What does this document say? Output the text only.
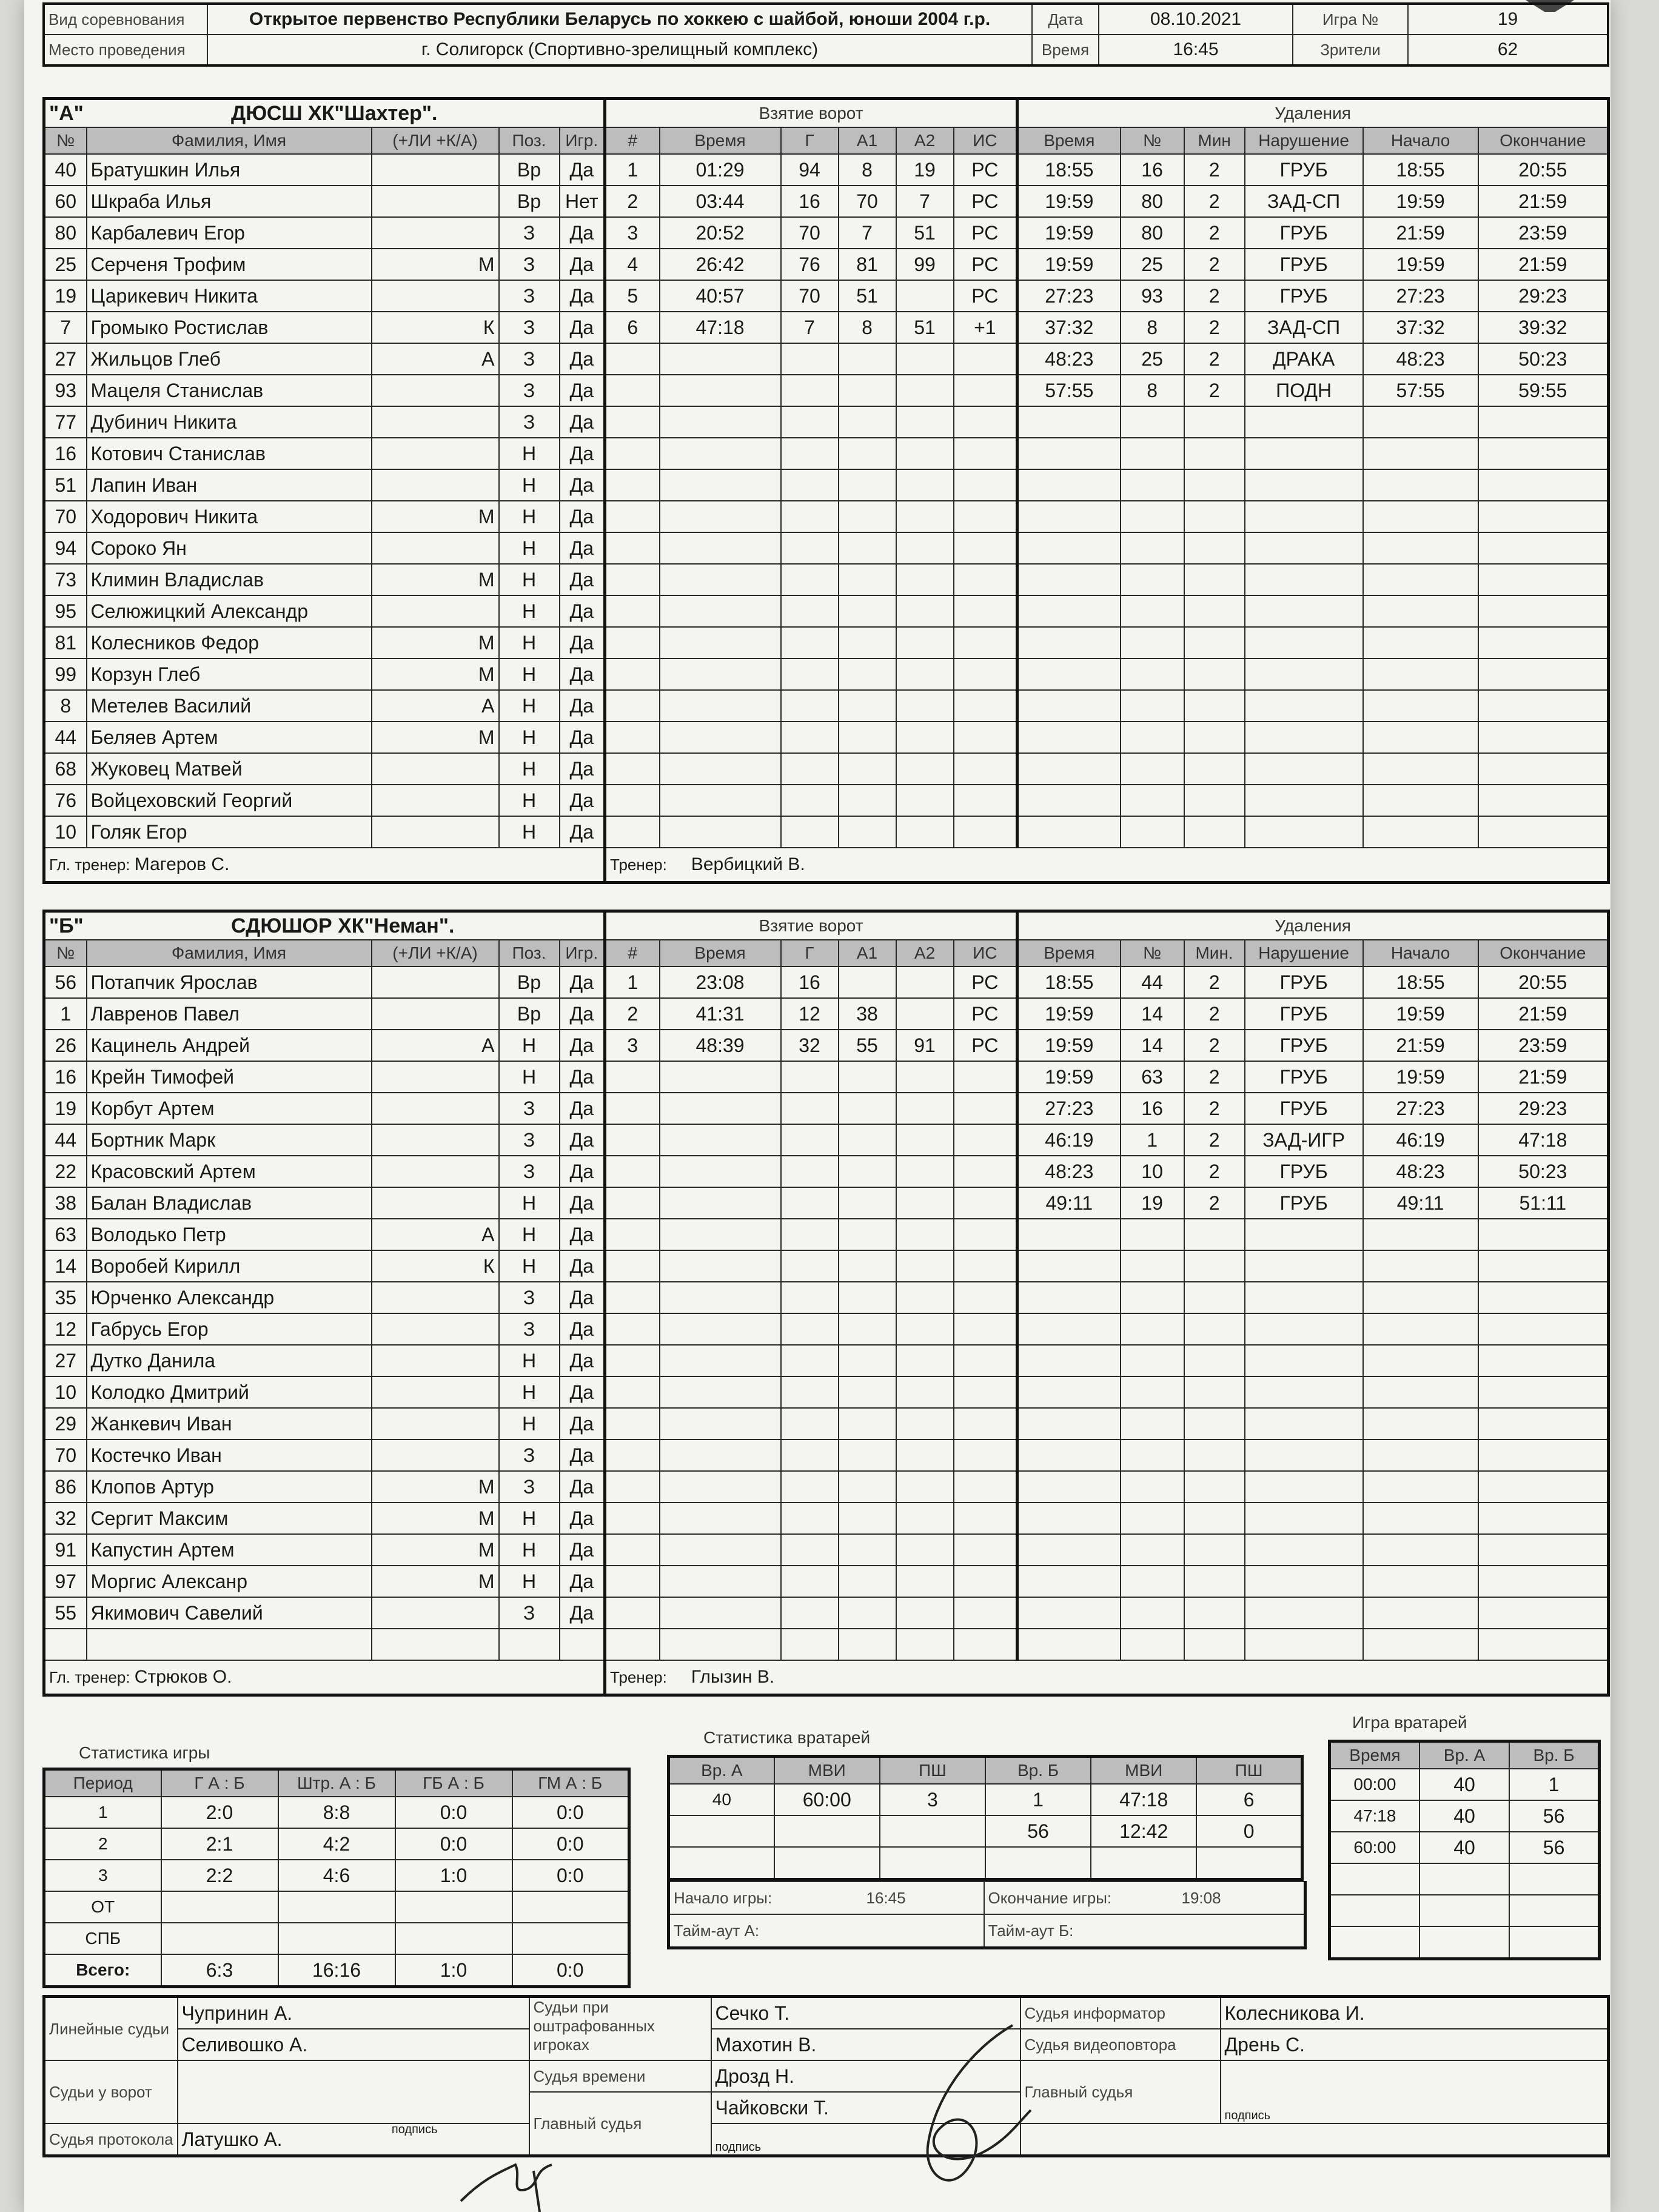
Вид соревнования	Открытое первенство Республики Беларусь по хоккею с шайбой, юноши 2004 г.р.	Дата	08.10.2021	Игра №	19
Место проведения	г. Солигорск (Спортивно-зрелищный комплекс)	Время	16:45	Зрители	62
"А" ДЮСШ ХК"Шахтер".					Взятие ворот						Удаления					
№	Фамилия, Имя	(+ЛИ +К/А)	Поз.	Игр.	#	Время	Г	А1	А2	ИС	Время	№	Мин	Нарушение	Начало	Окончание
40	Братушкин Илья		Вр	Да	1	01:29	94	8	19	РС	18:55	16	2	ГРУБ	18:55	20:55
60	Шкраба Илья		Вр	Нет	2	03:44	16	70	7	РС	19:59	80	2	ЗАД-СП	19:59	21:59
80	Карбалевич Егор		З	Да	3	20:52	70	7	51	РС	19:59	80	2	ГРУБ	21:59	23:59
25	Серченя Трофим	М	З	Да	4	26:42	76	81	99	РС	19:59	25	2	ГРУБ	19:59	21:59
19	Царикевич Никита		З	Да	5	40:57	70	51		РС	27:23	93	2	ГРУБ	27:23	29:23
7	Громыко Ростислав	К	З	Да	6	47:18	7	8	51	+1	37:32	8	2	ЗАД-СП	37:32	39:32
27	Жильцов Глеб	А	З	Да							48:23	25	2	ДРАКА	48:23	50:23
93	Мацеля Станислав		З	Да							57:55	8	2	ПОДН	57:55	59:55
77	Дубинич Никита		З	Да												
16	Котович Станислав		Н	Да												
51	Лапин Иван		Н	Да												
70	Ходорович Никита	М	Н	Да												
94	Сороко Ян		Н	Да												
73	Климин Владислав	М	Н	Да												
95	Селюжицкий Александр		Н	Да												
81	Колесников Федор	М	Н	Да												
99	Корзун Глеб	М	Н	Да												
8	Метелев Василий	А	Н	Да												
44	Беляев Артем	М	Н	Да												
68	Жуковец Матвей		Н	Да												
76	Войцеховский Георгий		Н	Да												
10	Голяк Егор		Н	Да												
Гл. тренер: Магеров С.					Тренер: Вербицкий В.											
"Б" СДЮШОР ХК"Неман".					Взятие ворот						Удаления					
№	Фамилия, Имя	(+ЛИ +К/А)	Поз.	Игр.	#	Время	Г	А1	А2	ИС	Время	№	Мин.	Нарушение	Начало	Окончание
56	Потапчик Ярослав		Вр	Да	1	23:08	16			РС	18:55	44	2	ГРУБ	18:55	20:55
1	Лавренов Павел		Вр	Да	2	41:31	12	38		РС	19:59	14	2	ГРУБ	19:59	21:59
26	Кацинель Андрей	А	Н	Да	3	48:39	32	55	91	РС	19:59	14	2	ГРУБ	21:59	23:59
16	Крейн Тимофей		Н	Да							19:59	63	2	ГРУБ	19:59	21:59
19	Корбут Артем		З	Да							27:23	16	2	ГРУБ	27:23	29:23
44	Бортник Марк		З	Да							46:19	1	2	ЗАД-ИГР	46:19	47:18
22	Красовский Артем		З	Да							48:23	10	2	ГРУБ	48:23	50:23
38	Балан Владислав		Н	Да							49:11	19	2	ГРУБ	49:11	51:11
63	Володько Петр	А	Н	Да												
14	Воробей Кирилл	К	Н	Да												
35	Юрченко Александр		З	Да												
12	Габрусь Егор		З	Да												
27	Дутко Данила		Н	Да												
10	Колодко Дмитрий		Н	Да												
29	Жанкевич Иван		Н	Да												
70	Костечко Иван		З	Да												
86	Клопов Артур	М	З	Да												
32	Сергит Максим	М	Н	Да												
91	Капустин Артем	М	Н	Да												
97	Моргис Алексанр	М	Н	Да												
55	Якимович Савелий		З	Да												

Гл. тренер: Стрюков О.					Тренер: Глызин В.											
Статистика игры
Период	Г А : Б	Штр. А : Б	ГБ А : Б	ГМ А : Б
1	2:0	8:8	0:0	0:0
2	2:1	4:2	0:0	0:0
3	2:2	4:6	1:0	0:0
ОТ				
СПБ				
Всего:	6:3	16:16	1:0	0:0
Статистика вратарей
Вр. А	МВИ	ПШ	Вр. Б	МВИ	ПШ
40	60:00	3	1	47:18	6
			56	12:42	0

Начало игры:	16:45	Окончание игры:	19:08
Тайм-аут А:		Тайм-аут Б:	
Игра вратарей
Время	Вр. А	Вр. Б
00:00	40	1
47:18	40	56
60:00	40	56

Линейные судьи	Чупринин А.	Судьи при оштрафованных игроках	Сечко Т.	Судья информатор	Колесникова И.
	Селивошко А.		Махотин В.	Судья видеоповтора	Дрень С.
Судьи у ворот		Судья времени	Дрозд Н.	Главный судья	подпись
		Главный судья	Чайковски Т.		
Судья протокола	Латушко А. подпись		подпись		
